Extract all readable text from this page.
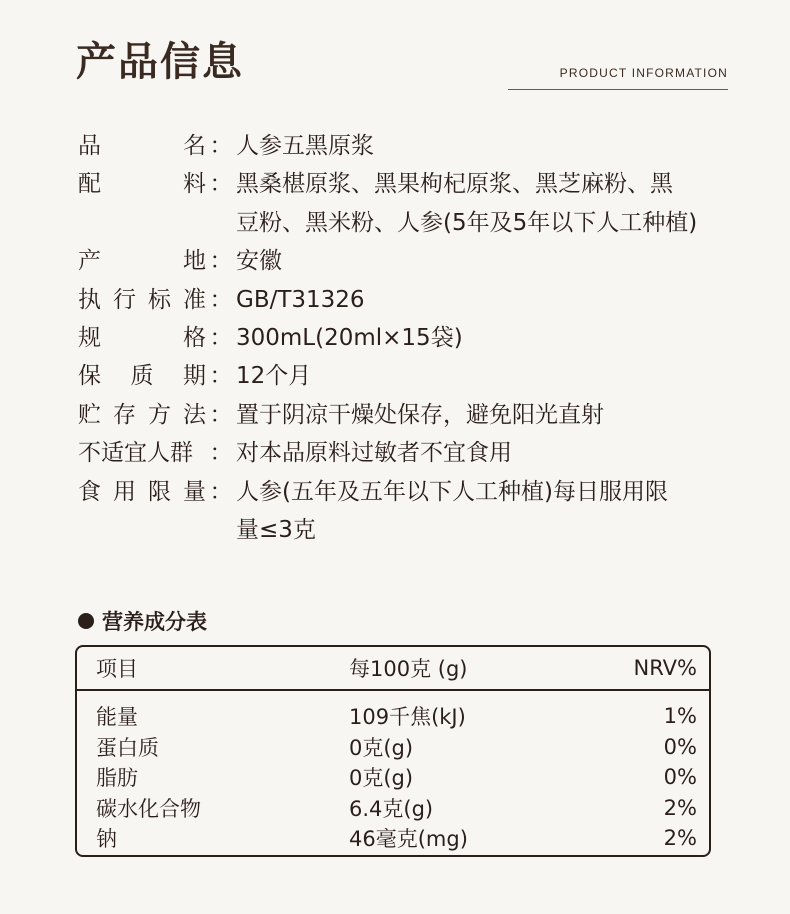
产品信息	PRODUCT INFORMATION
品	名 ： 人参五黑原浆
配	料 ： 黑桑椹原浆、黑果枸杞原浆、黑芝麻粉、黑
豆粉、黑米粉、人参(5年及5年以下人工种植)
产	地 ： 安徽
执 行 标 准 ： GB/T31326
规	格 ： 300mL(20ml×15袋)
保 质 期 ： 12个月
贮 存 方 法 ： 置于阴凉干燥处保存，避免阳光直射
不适宜人群 ： 对本品原料过敏者不宜食用
食 用 限 量 ： 人参(五年及五年以下人工种植)每日服用限
量≤3克
营养成分表
项目	每100克 (g)	NRV%
能量	109千焦(kJ)	1%
蛋白质	0克(g)	0%
脂肪	0克(g)	0%
碳水化合物	6.4克(g)	2%
钠	46毫克(mg)	2%
